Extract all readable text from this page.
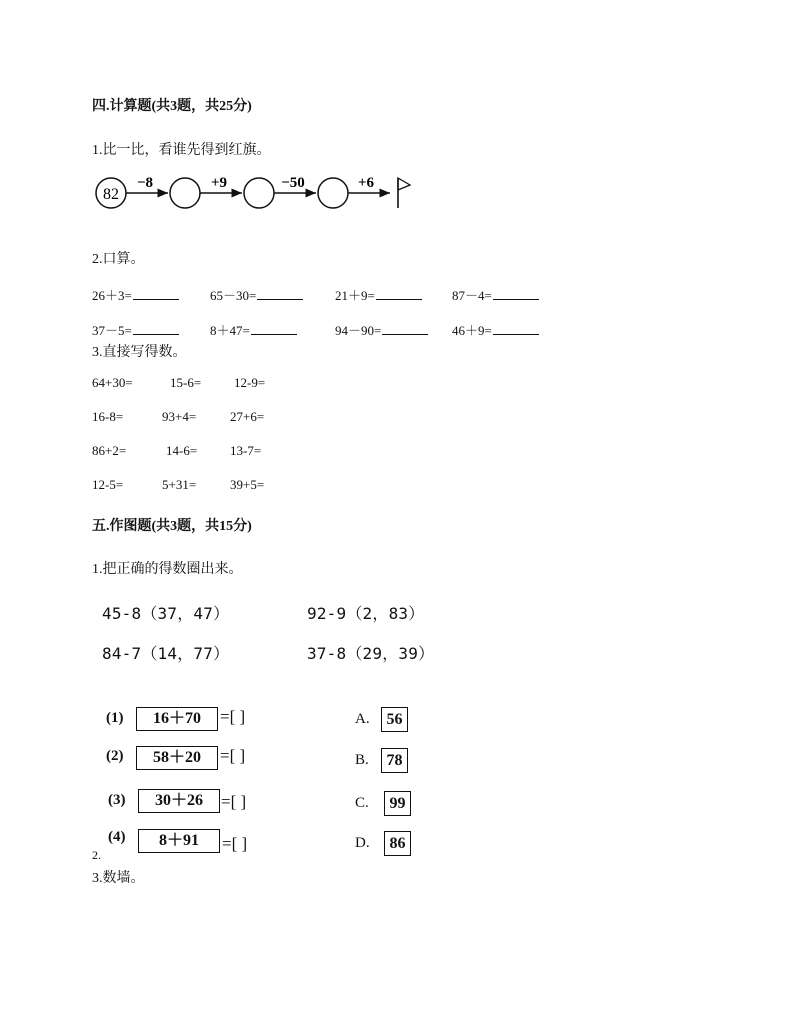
四.计算题(共3题，共25分)
1.比一比，看谁先得到红旗。
82
−8	+9	−50	+6
2.口算。
26＋3=	65－30=	21＋9=	87－4=
37－5=	8＋47=	94－90=	46＋9=
3.直接写得数。
64+30=	15-6=	12-9=
16-8=	93+4=	27+6=
86+2=	14-6=	13-7=
12-5=	5+31=	39+5=
五.作图题(共3题，共15分)
1.把正确的得数圈出来。
45-8（37，47）	92-9（2，83）
84-7（14，77）	37-8（29，39）
(1)	16＋70	=[ ]	A.	56
(2)	58＋20	=[ ]	B.	78
(3)	30＋26	=[ ]	C.	99
(4)	8＋91	=[ ]	D.	86
2.
3.数墙。
